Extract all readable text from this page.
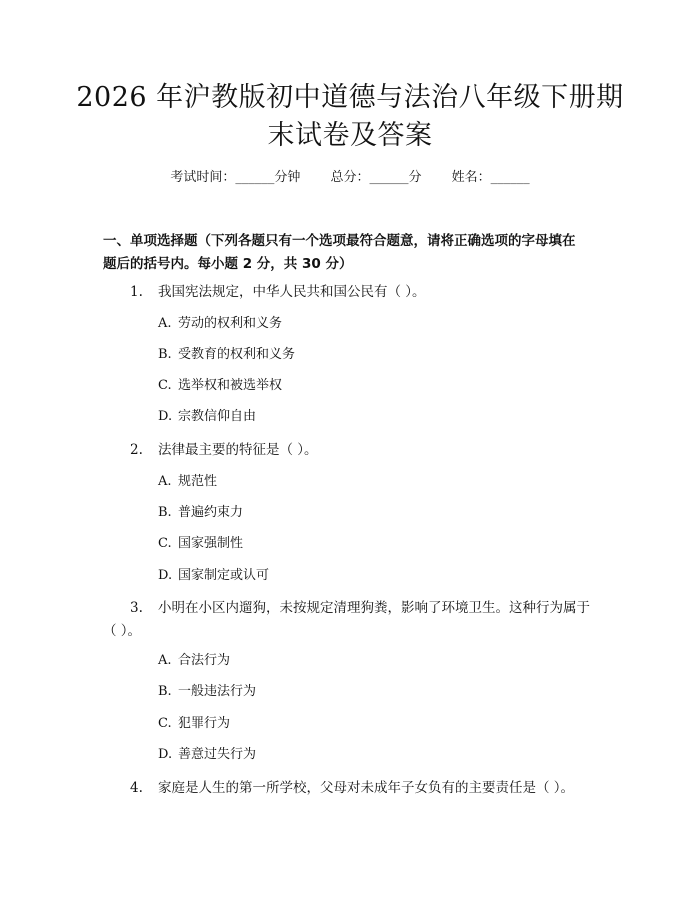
2026 年沪教版初中道德与法治八年级下册期
末试卷及答案
考试时间：______分钟 总分：______分 姓名：______
一、单项选择题（下列各题只有一个选项最符合题意，请将正确选项的字母填在
题后的括号内。每小题 2 分，共 30 分）
1. 我国宪法规定，中华人民共和国公民有（ ）。
A. 劳动的权利和义务
B. 受教育的权利和义务
C. 选举权和被选举权
D. 宗教信仰自由
2. 法律最主要的特征是（ ）。
A. 规范性
B. 普遍约束力
C. 国家强制性
D. 国家制定或认可
3. 小明在小区内遛狗，未按规定清理狗粪，影响了环境卫生。这种行为属于
（ ）。
A. 合法行为
B. 一般违法行为
C. 犯罪行为
D. 善意过失行为
4. 家庭是人生的第一所学校，父母对未成年子女负有的主要责任是（ ）。
